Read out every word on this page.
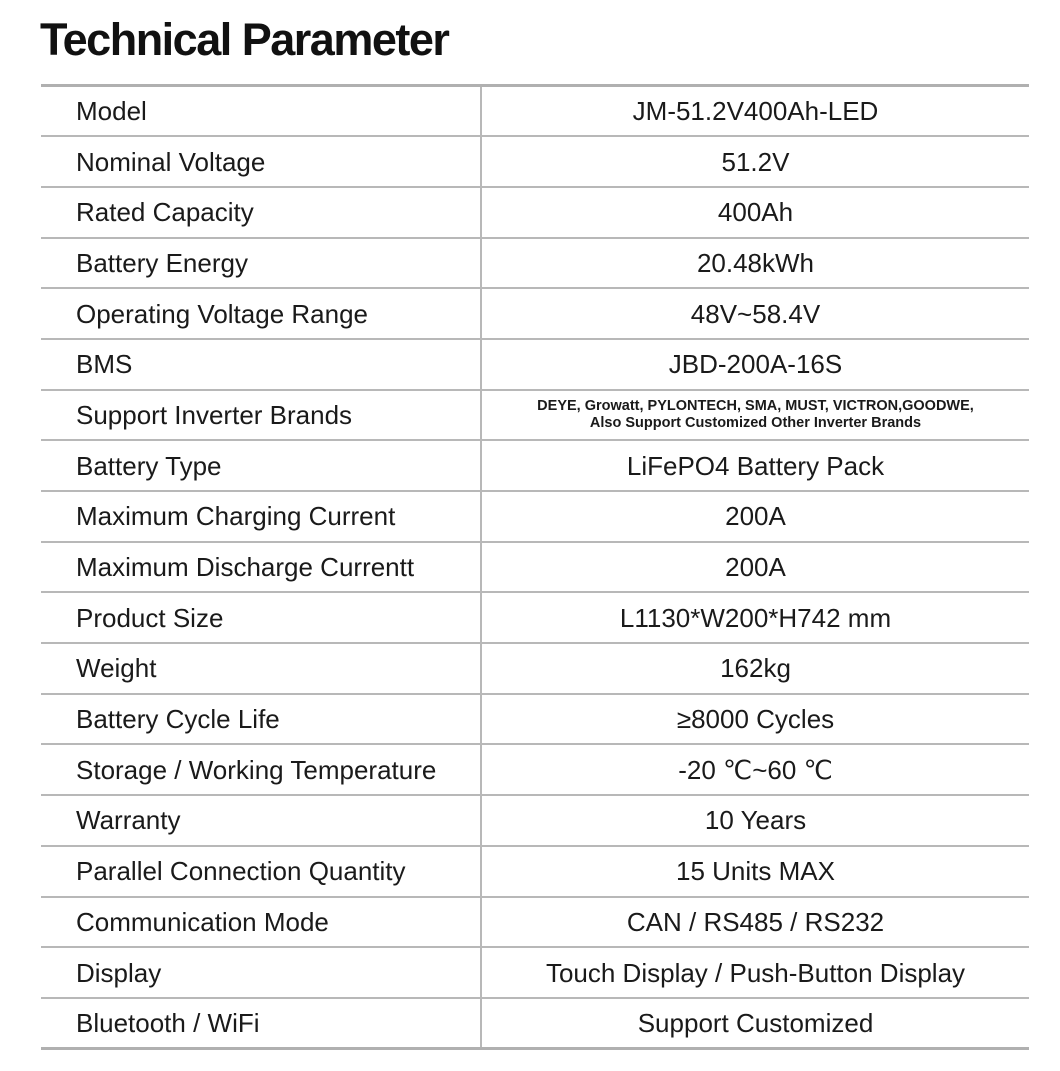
Technical Parameter
Model	JM-51.2V400Ah-LED
Nominal Voltage	51.2V
Rated Capacity	400Ah
Battery Energy	20.48kWh
Operating Voltage Range	48V~58.4V
BMS	JBD-200A-16S
Support Inverter Brands	DEYE, Growatt, PYLONTECH, SMA, MUST, VICTRON,GOODWE,
Also Support Customized Other Inverter Brands

Battery Type	LiFePO4 Battery Pack
Maximum Charging Current	200A
Maximum Discharge Currentt	200A
Product Size	L1130*W200*H742 mm
Weight	162kg
Battery Cycle Life	≥8000 Cycles
Storage / Working Temperature	-20 ℃~60 ℃
Warranty	10 Years
Parallel Connection Quantity	15 Units MAX
Communication Mode	CAN / RS485 / RS232
Display	Touch Display / Push-Button Display
Bluetooth / WiFi	Support Customized
